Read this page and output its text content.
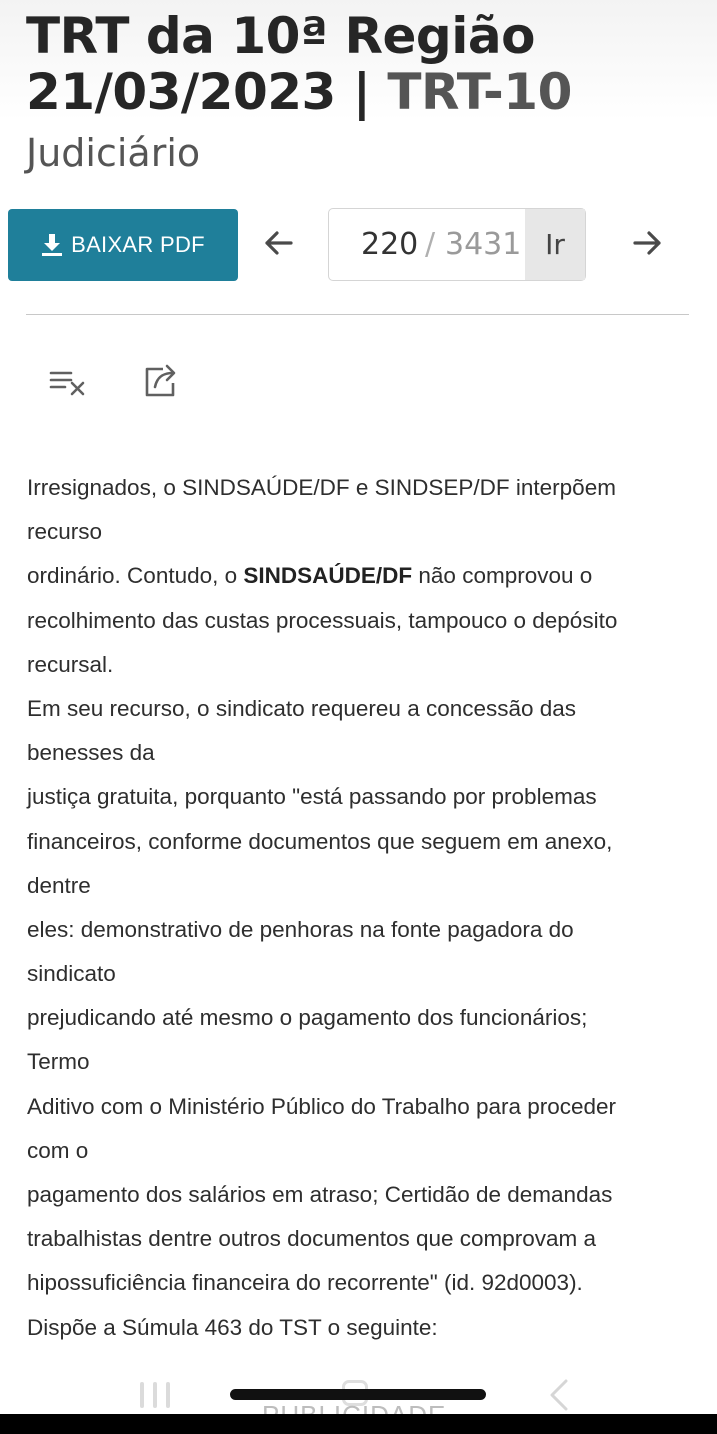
TRT da 10ª Região
21/03/2023 | TRT-10
Judiciário
BAIXAR PDF	220 / 3431 Ir
Irresignados, o SINDSAÚDE/DF e SINDSEP/DF interpõem
recurso
ordinário. Contudo, o SINDSAÚDE/DF não comprovou o
recolhimento das custas processuais, tampouco o depósito
recursal.
Em seu recurso, o sindicato requereu a concessão das
benesses da
justiça gratuita, porquanto "está passando por problemas
financeiros, conforme documentos que seguem em anexo,
dentre
eles: demonstrativo de penhoras na fonte pagadora do
sindicato
prejudicando até mesmo o pagamento dos funcionários;
Termo
Aditivo com o Ministério Público do Trabalho para proceder
com o
pagamento dos salários em atraso; Certidão de demandas
trabalhistas dentre outros documentos que comprovam a
hipossuficiência financeira do recorrente" (id. 92d0003).
Dispõe a Súmula 463 do TST o seguinte:
